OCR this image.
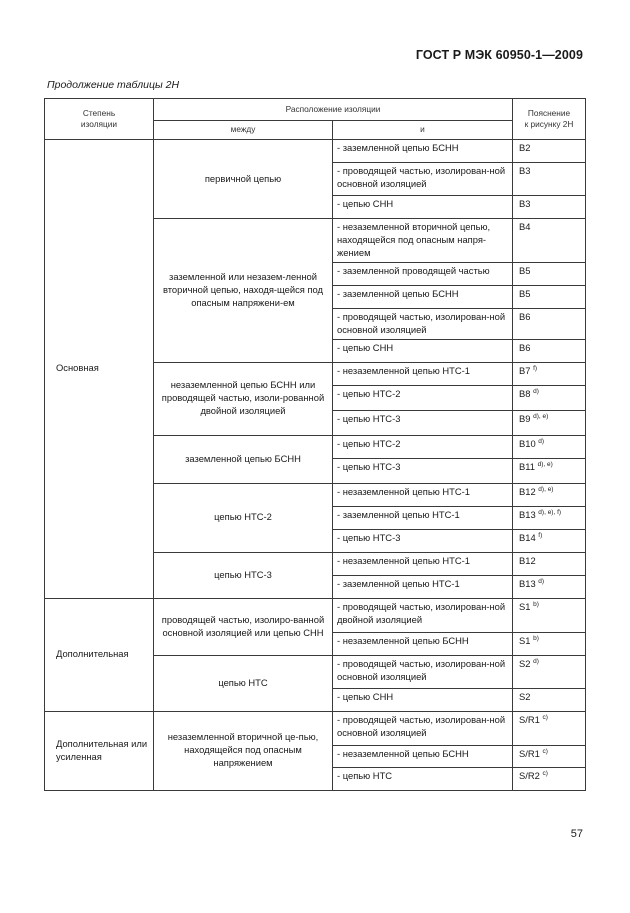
ГОСТ Р МЭК 60950-1—2009
Продолжение таблицы 2Н
Степень
изоляции	Расположение изоляции		Пояснение
к рисунку 2Н
	между	и	
Основная	первичной цепью	- заземленной цепью БСНН	B2
		- проводящей частью, изолирован-ной основной изоляцией	B3
		- цепью СНН	B3
	заземленной или незазем-ленной вторичной цепью, находя-щейся под опасным напряжени-ем	- незаземленной вторичной цепью, находящейся под опасным напря-жением	B4
		- заземленной проводящей частью	B5
		- заземленной цепью БСНН	B5
		- проводящей частью, изолирован-ной основной изоляцией	B6
		- цепью СНН	B6
	незаземленной цепью БСНН или проводящей частью, изоли-рованной двойной изоляцией	- незаземленной цепью НТС-1	B7 $^{f)}$
		- цепью НТС-2	B8 $^{d)}$
		- цепью НТС-3	B9 $^{d), e)}$
	заземленной цепью БСНН	- цепью НТС-2	B10 $^{d)}$
		- цепью НТС-3	B11 $^{d), e)}$
	цепью НТС-2	- незаземленной цепью НТС-1	B12 $^{d), e)}$
		- заземленной цепью НТС-1	B13 $^{d), e), f)}$
		- цепью НТС-3	B14 $^{f)}$
	цепью НТС-3	- незаземленной цепью НТС-1	B12
		- заземленной цепью НТС-1	B13 $^{d)}$
Дополнительная	проводящей частью, изолиро-ванной основной изоляцией или цепью СНН	- проводящей частью, изолирован-ной двойной изоляцией	S1 $^{b)}$
		- незаземленной цепью БСНН	S1 $^{b)}$
	цепью НТС	- проводящей частью, изолирован-ной основной изоляцией	S2 $^{d)}$
		- цепью СНН	S2
Дополнительная или усиленная	незаземленной вторичной це-пью, находящейся под опасным напряжением	- проводящей частью, изолирован-ной основной изоляцией	S/R1 $^{c)}$
		- незаземленной цепью БСНН	S/R1 $^{c)}$
		- цепью НТС	S/R2 $^{c)}$
57
